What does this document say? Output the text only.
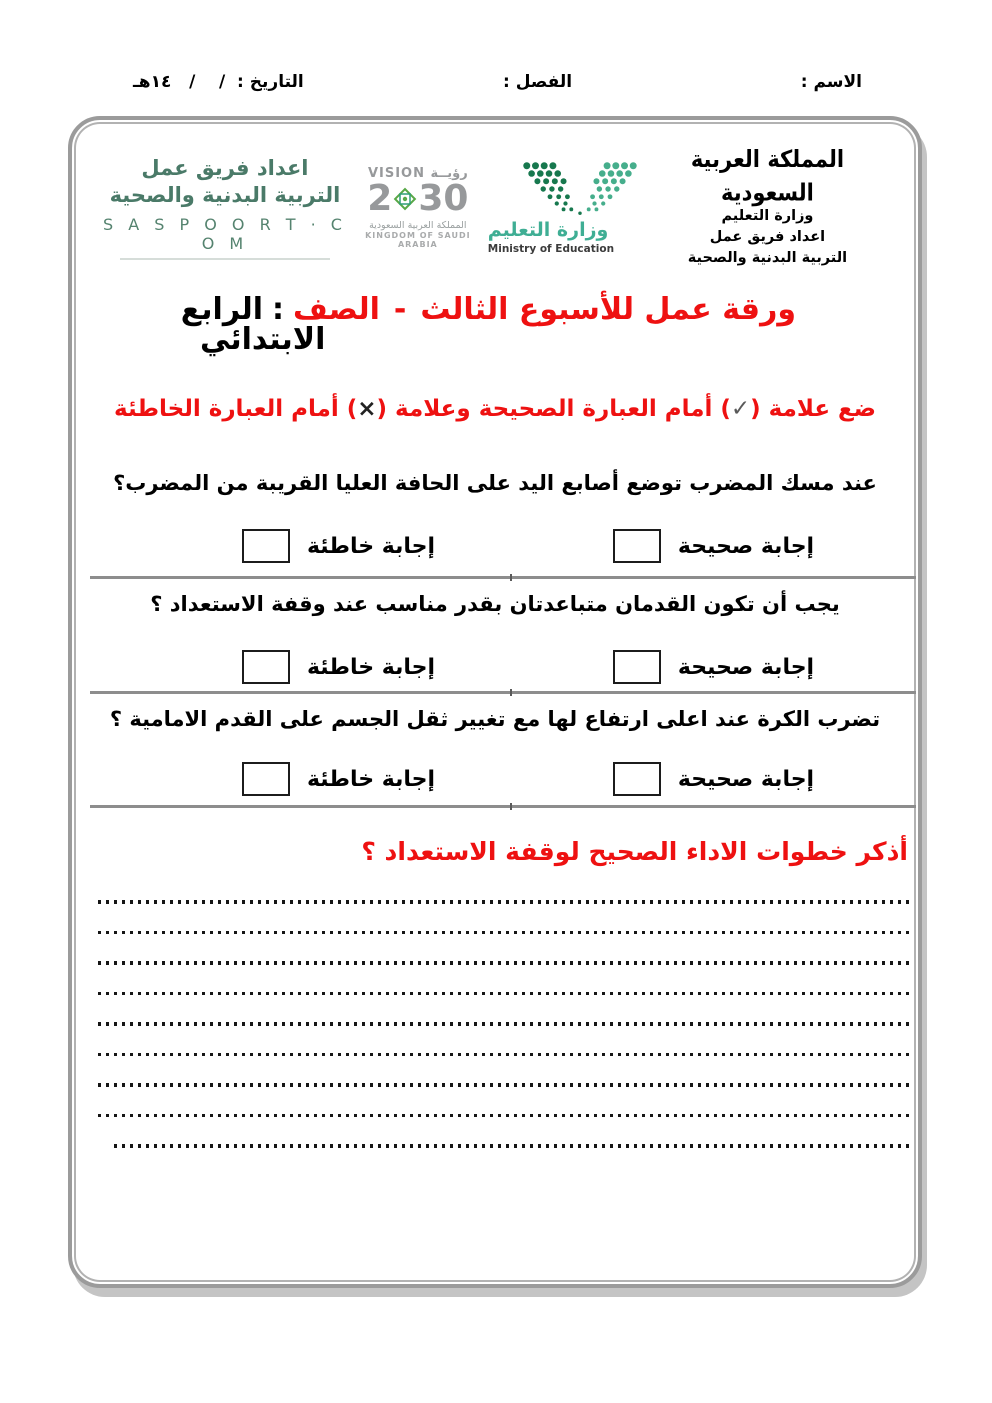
الاسم :
الفصل :
التاريخ :  /    /   ١٤هـ
اعداد فريق عمل
التربية البدنية والصحية
S A S P O O R T · C O M
VISION رؤيــة
2 30
المملكة العربية السعودية
KINGDOM OF SAUDI ARABIA
وزارة التعليم
Ministry of Education
المملكة العربية السعودية
وزارة التعليم
اعداد فريق عمل
التربية البدنية والصحية
ورقة عمل للأسبوع الثالث-الصف:الرابع
الابتدائي
ضع علامة (✓) أمام العبارة الصحيحة وعلامة (×) أمام العبارة الخاطئة
عند مسك المضرب توضع أصابع اليد على الحافة العليا القريبة من المضرب؟
إجابة صحيحة
إجابة خاطئة
يجب أن تكون القدمان متباعدتان بقدر مناسب عند وقفة الاستعداد ؟
إجابة صحيحة
إجابة خاطئة
تضرب الكرة عند اعلى ارتفاع لها مع تغيير ثقل الجسم على القدم الامامية ؟
إجابة صحيحة
إجابة خاطئة
أذكر خطوات الاداء الصحيح لوقفة الاستعداد ؟
